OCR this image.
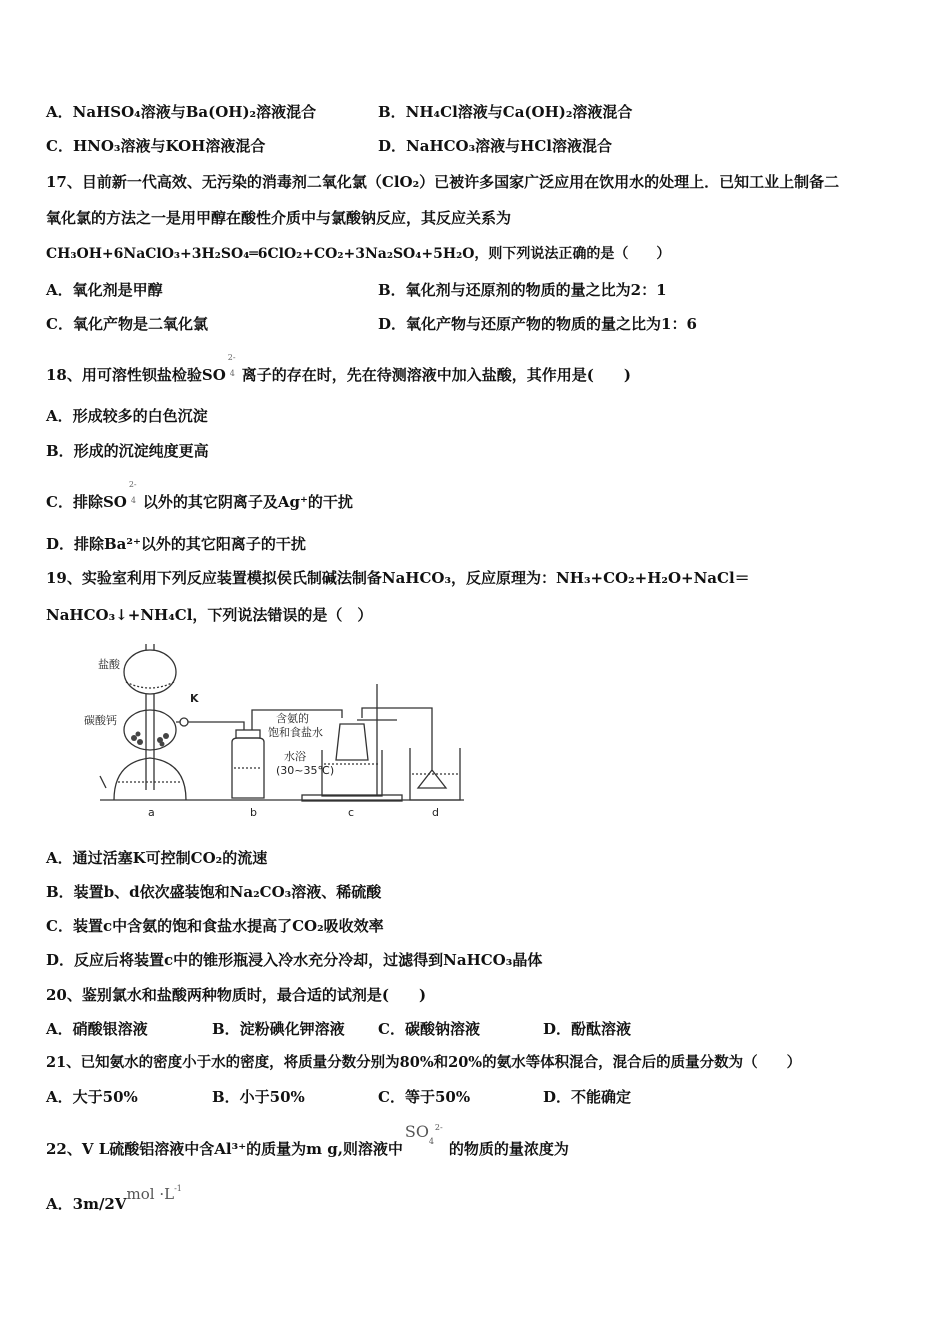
A．NaHSO₄溶液与Ba(OH)₂溶液混合	B．NH₄Cl溶液与Ca(OH)₂溶液混合
C．HNO₃溶液与KOH溶液混合	D．NaHCO₃溶液与HCl溶液混合
17、目前新一代高效、无污染的消毒剂二氧化氯（ClO₂）已被许多国家广泛应用在饮用水的处理上．已知工业上制备二
氧化氯的方法之一是用甲醇在酸性介质中与氯酸钠反应，其反应关系为
CH₃OH+6NaClO₃+3H₂SO₄═6ClO₂+CO₂+3Na₂SO₄+5H₂O，则下列说法正确的是（　　）
A．氧化剂是甲醇	B．氧化剂与还原剂的物质的量之比为2：1
C．氧化产物是二氧化氯	D．氧化产物与还原产物的物质的量之比为1：6
18、用可溶性钡盐检验SO
2-
4 离子的存在时，先在待测溶液中加入盐酸，其作用是(　　)
A．形成较多的白色沉淀
B．形成的沉淀纯度更高
C．排除SO
2-
4 以外的其它阴离子及Ag⁺的干扰
D．排除Ba²⁺以外的其它阳离子的干扰
19、实验室利用下列反应装置模拟侯氏制碱法制备NaHCO₃，反应原理为：NH₃+CO₂+H₂O+NaCl＝
NaHCO₃↓+NH₄Cl，下列说法错误的是（　）
盐酸
K
碳酸钙	含氨的
饱和食盐水
水浴
(30~35℃)
a	b	c	d
A．通过活塞K可控制CO₂的流速
B．装置b、d依次盛装饱和Na₂CO₃溶液、稀硫酸
C．装置c中含氨的饱和食盐水提高了CO₂吸收效率
D．反应后将装置c中的锥形瓶浸入冷水充分冷却，过滤得到NaHCO₃晶体
20、鉴别氯水和盐酸两种物质时，最合适的试剂是(　　)
A．硝酸银溶液	B．淀粉碘化钾溶液 C．碳酸钠溶液	D．酚酞溶液
21、已知氨水的密度小于水的密度，将质量分数分别为80%和20%的氨水等体积混合，混合后的质量分数为（　　）
A．大于50%	B．小于50%	C．等于50%	D．不能确定
22、V L硫酸铝溶液中含Al³⁺的质量为m g,则溶液中
SO
4
2-
的物质的量浓度为
A．3m/2Vmol $\cdot L^{-1}$
